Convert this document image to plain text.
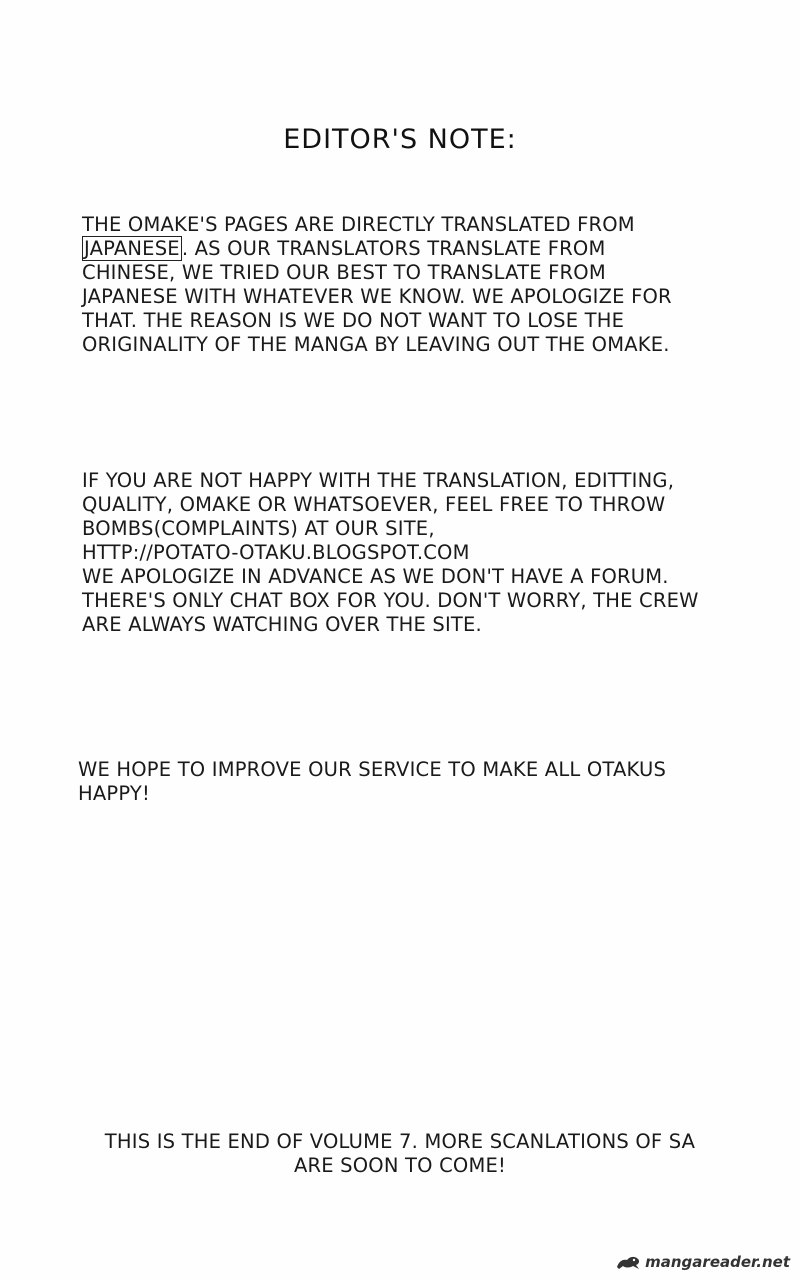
EDITOR'S NOTE:
THE OMAKE'S PAGES ARE DIRECTLY TRANSLATED FROM
JAPANESE . AS OUR TRANSLATORS TRANSLATE FROM
CHINESE, WE TRIED OUR BEST TO TRANSLATE FROM
JAPANESE WITH WHATEVER WE KNOW. WE APOLOGIZE FOR
THAT. THE REASON IS WE DO NOT WANT TO LOSE THE
ORIGINALITY OF THE MANGA BY LEAVING OUT THE OMAKE.
IF YOU ARE NOT HAPPY WITH THE TRANSLATION, EDITTING,
QUALITY, OMAKE OR WHATSOEVER, FEEL FREE TO THROW
BOMBS(COMPLAINTS) AT OUR SITE,
HTTP://POTATO-OTAKU.BLOGSPOT.COM
WE APOLOGIZE IN ADVANCE AS WE DON'T HAVE A FORUM.
THERE'S ONLY CHAT BOX FOR YOU. DON'T WORRY, THE CREW
ARE ALWAYS WATCHING OVER THE SITE.
WE HOPE TO IMPROVE OUR SERVICE TO MAKE ALL OTAKUS
HAPPY!
THIS IS THE END OF VOLUME 7. MORE SCANLATIONS OF SA
ARE SOON TO COME!
mangareader.net
